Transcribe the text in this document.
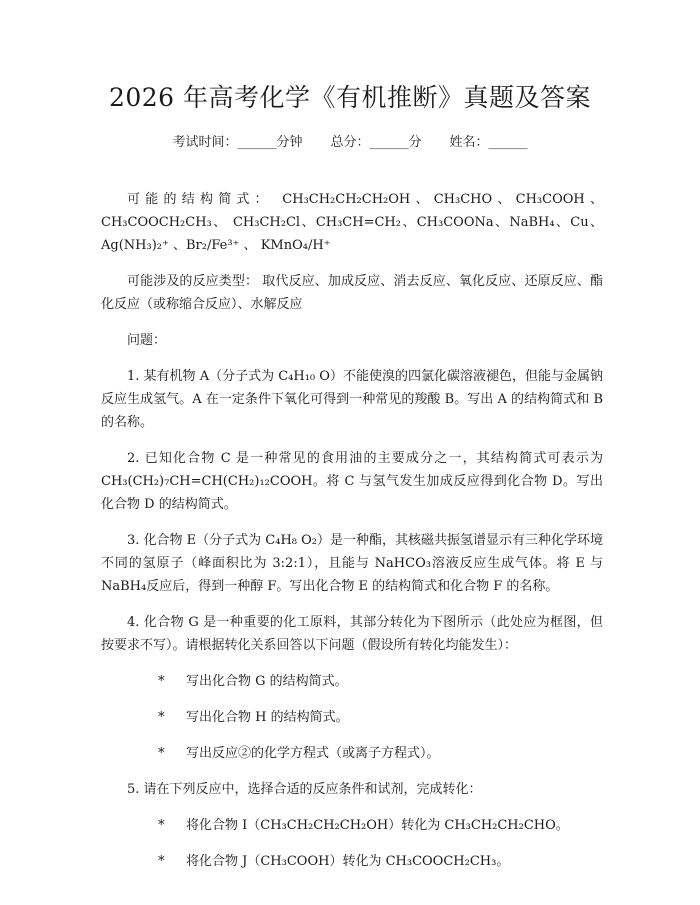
2026 年高考化学《有机推断》真题及答案
考试时间：______分钟 总分：______分 姓名：______
可能的结构简式： CH₃CH₂CH₂CH₂OH、CH₃CHO、CH₃COOH、CH₃COOCH₂CH₃、 CH₃CH₂Cl、CH₃CH=CH₂、CH₃COONa、NaBH₄、Cu、Ag(NH₃)₂⁺ 、Br₂/Fe³⁺ 、 KMnO₄/H⁺
可能涉及的反应类型： 取代反应、加成反应、消去反应、氧化反应、还原反应、酯化反应（或称缩合反应）、水解反应
问题：
1. 某有机物 A（分子式为 C₄H₁₀ O）不能使溴的四氯化碳溶液褪色，但能与金属钠反应生成氢气。A 在一定条件下氧化可得到一种常见的羧酸 B。写出 A 的结构简式和 B 的名称。
2. 已知化合物 C 是一种常见的食用油的主要成分之一，其结构简式可表示为 CH₃(CH₂)₇CH=CH(CH₂)₁₂COOH。将 C 与氢气发生加成反应得到化合物 D。写出化合物 D 的结构简式。
3. 化合物 E（分子式为 C₄H₈ O₂）是一种酯，其核磁共振氢谱显示有三种化学环境不同的氢原子（峰面积比为 3:2:1），且能与 NaHCO₃溶液反应生成气体。将 E 与 NaBH₄反应后，得到一种醇 F。写出化合物 E 的结构简式和化合物 F 的名称。
4. 化合物 G 是一种重要的化工原料，其部分转化为下图所示（此处应为框图，但按要求不写）。请根据转化关系回答以下问题（假设所有转化均能发生）：
*	写出化合物 G 的结构简式。
*	写出化合物 H 的结构简式。
*	写出反应②的化学方程式（或离子方程式）。
5. 请在下列反应中，选择合适的反应条件和试剂，完成转化：
*	将化合物 I（CH₃CH₂CH₂CH₂OH）转化为 CH₃CH₂CH₂CHO。
*	将化合物 J（CH₃COOH）转化为 CH₃COOCH₂CH₃。
